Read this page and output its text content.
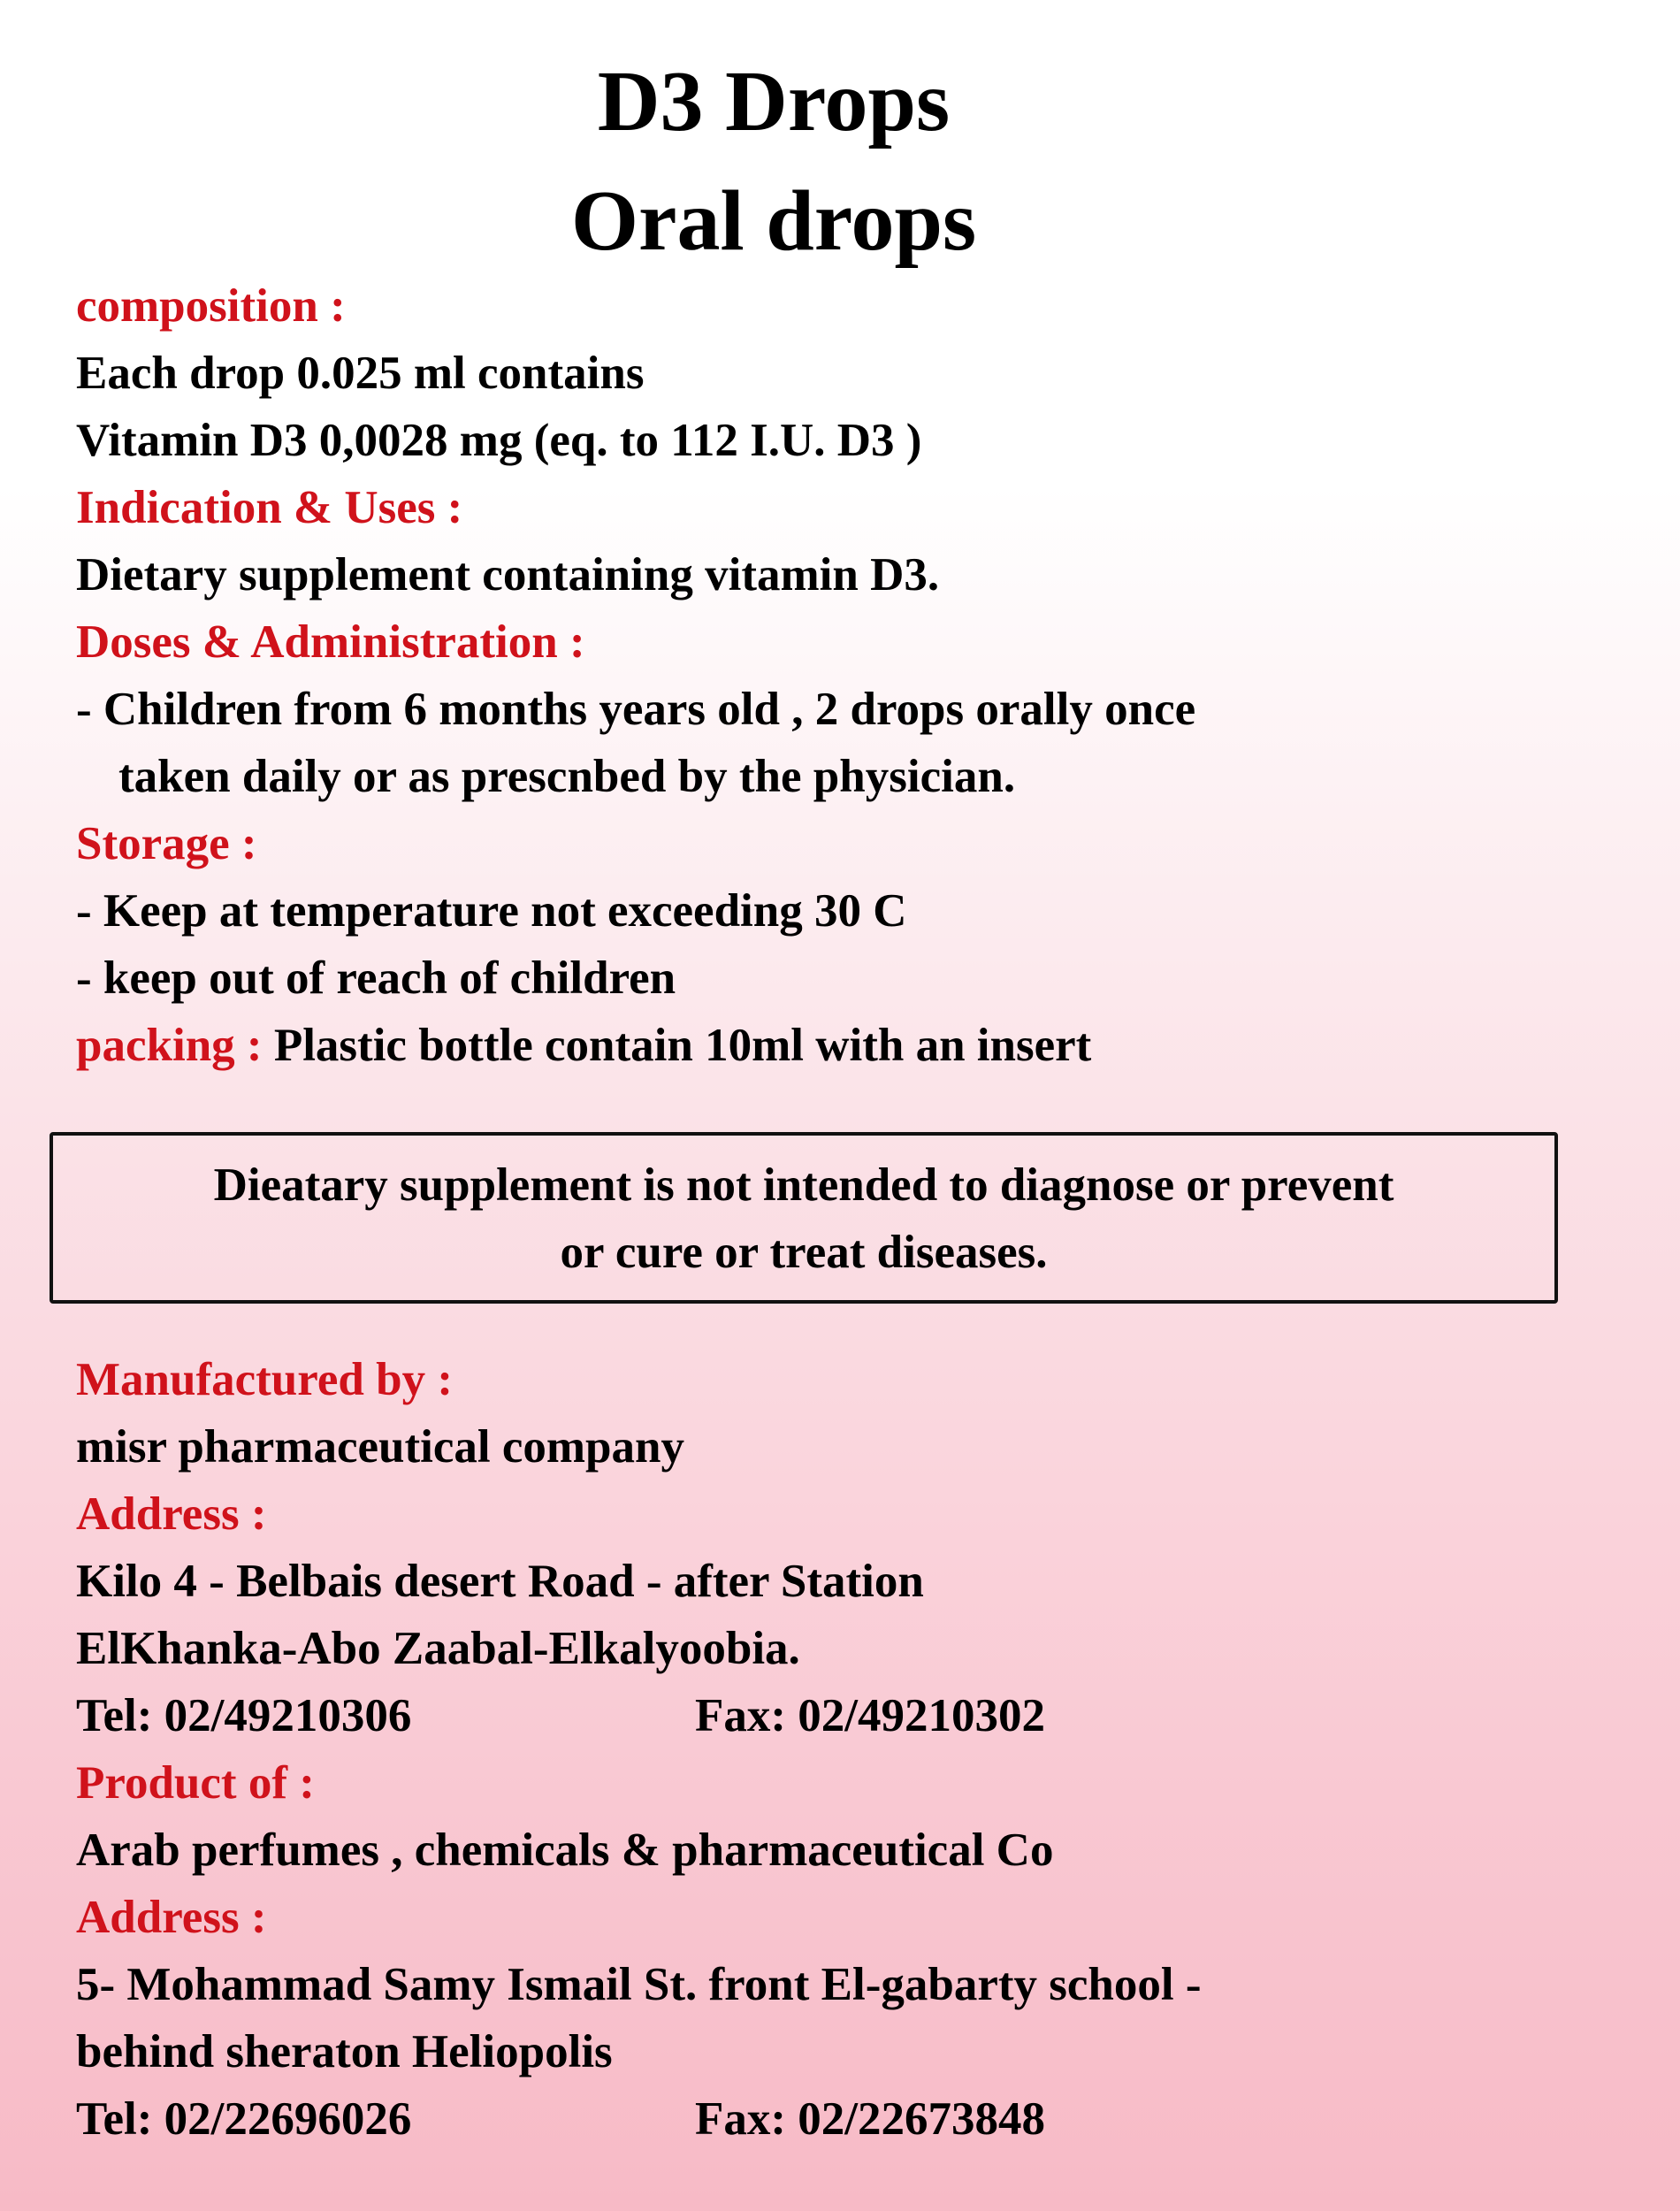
D3 Drops
Oral drops
composition :
Each drop 0.025 ml contains
Vitamin D3 0,0028 mg (eq. to 112 I.U. D3 )
Indication & Uses :
Dietary supplement containing vitamin D3.
Doses & Administration :
- Children from 6 months years old , 2 drops orally once
taken daily or as prescnbed by the physician.
Storage :
- Keep at temperature not exceeding 30 C
- keep out of reach of children
packing : Plastic bottle contain 10ml with an insert
Dieatary supplement is not intended to diagnose or prevent
or cure or treat diseases.
Manufactured by :
misr pharmaceutical company
Address :
Kilo 4 - Belbais desert Road - after Station
ElKhanka-Abo Zaabal-Elkalyoobia.
Tel: 02/49210306	Fax: 02/49210302
Product of :
Arab perfumes , chemicals & pharmaceutical Co
Address :
5- Mohammad Samy Ismail St. front El-gabarty school -
behind sheraton Heliopolis
Tel: 02/22696026	Fax: 02/22673848
